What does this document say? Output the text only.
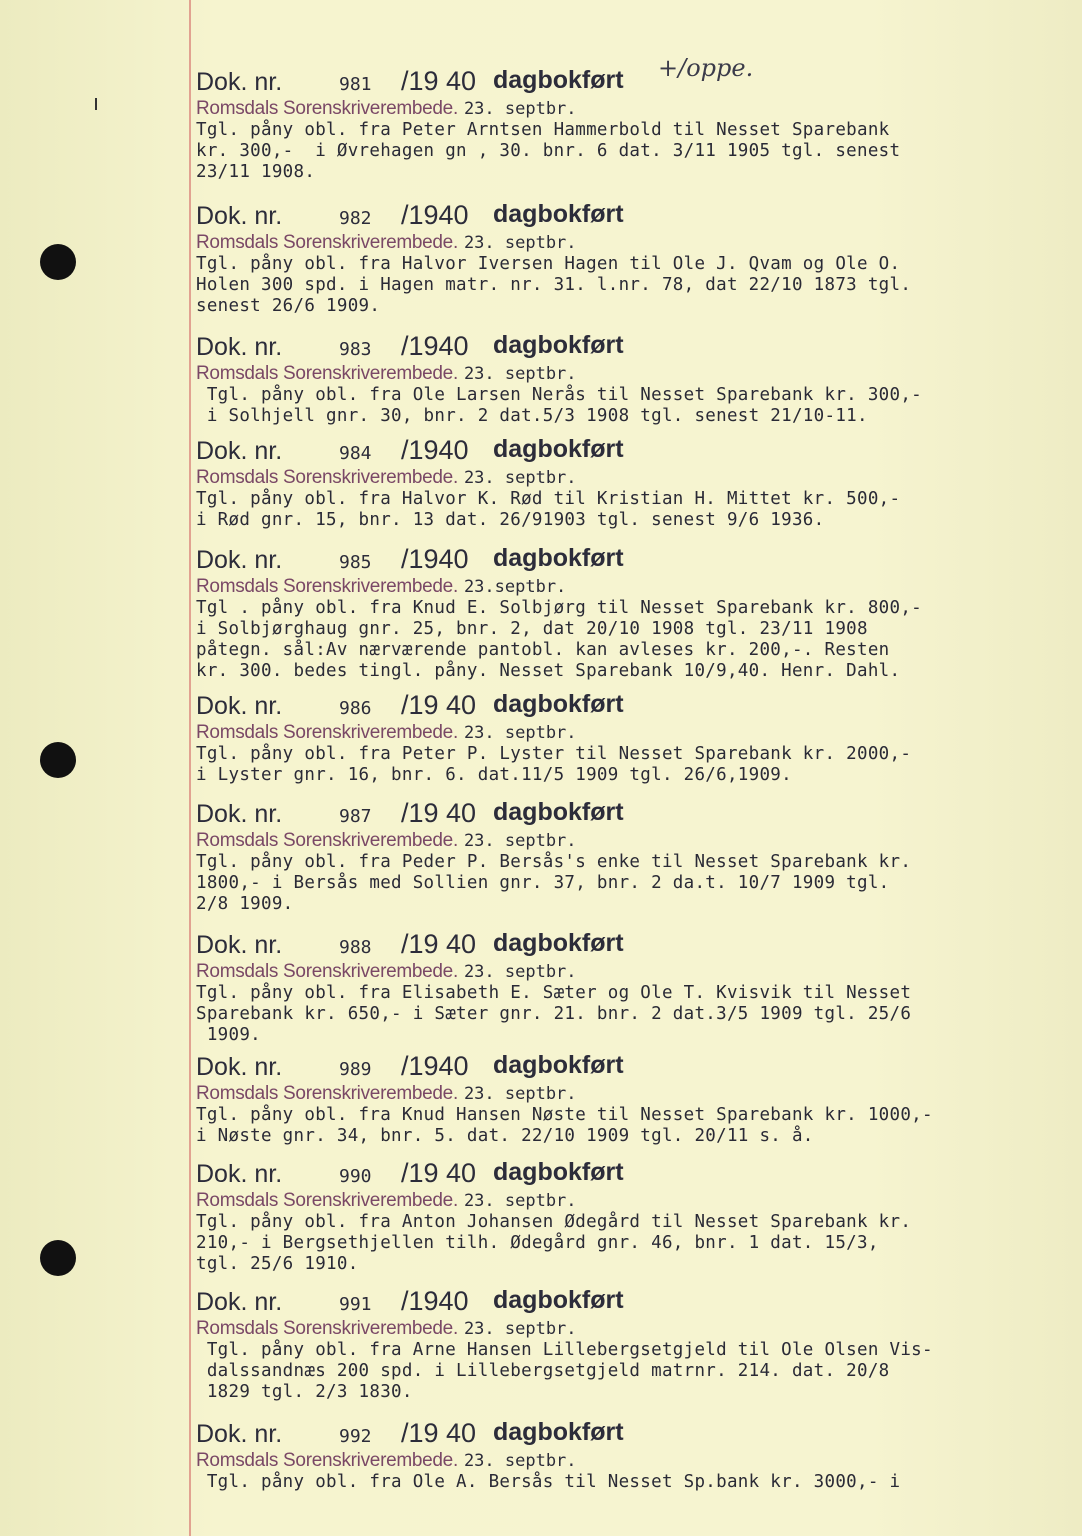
Dok. nr.	981 /19 40 dagbokført +/oppe.
Romsdals Sorenskriverembede. 23. septbr.
Tgl. påny obl. fra Peter Arntsen Hammerbold til Nesset Sparebank
kr. 300,-  i Øvrehagen gn , 30. bnr. 6 dat. 3/11 1905 tgl. senest
23/11 1908.
Dok. nr.	982 /1940 dagbokført
Romsdals Sorenskriverembede. 23. septbr.
Tgl. påny obl. fra Halvor Iversen Hagen til Ole J. Qvam og Ole O.
Holen 300 spd. i Hagen matr. nr. 31. l.nr. 78, dat 22/10 1873 tgl.
senest 26/6 1909.
Dok. nr.	983 /1940 dagbokført
Romsdals Sorenskriverembede. 23. septbr.
Tgl. påny obl. fra Ole Larsen Nerås til Nesset Sparebank kr. 300,-
i Solhjell gnr. 30, bnr. 2 dat.5/3 1908 tgl. senest 21/10-11.
Dok. nr.	984 /1940 dagbokført
Romsdals Sorenskriverembede. 23. septbr.
Tgl. påny obl. fra Halvor K. Rød til Kristian H. Mittet kr. 500,-
i Rød gnr. 15, bnr. 13 dat. 26/91903 tgl. senest 9/6 1936.
Dok. nr.	985 /1940 dagbokført
Romsdals Sorenskriverembede. 23.septbr.
Tgl . påny obl. fra Knud E. Solbjørg til Nesset Sparebank kr. 800,-
i Solbjørghaug gnr. 25, bnr. 2, dat 20/10 1908 tgl. 23/11 1908
påtegn. sål:Av nærværende pantobl. kan avleses kr. 200,-. Resten
kr. 300. bedes tingl. påny. Nesset Sparebank 10/9,40. Henr. Dahl.
Dok. nr.	986 /19 40 dagbokført
Romsdals Sorenskriverembede. 23. septbr.
Tgl. påny obl. fra Peter P. Lyster til Nesset Sparebank kr. 2000,-
i Lyster gnr. 16, bnr. 6. dat.11/5 1909 tgl. 26/6,1909.
Dok. nr.	987 /19 40 dagbokført
Romsdals Sorenskriverembede. 23. septbr.
Tgl. påny obl. fra Peder P. Bersås's enke til Nesset Sparebank kr.
1800,- i Bersås med Sollien gnr. 37, bnr. 2 da.t. 10/7 1909 tgl.
2/8 1909.
Dok. nr.	988 /19 40 dagbokført
Romsdals Sorenskriverembede. 23. septbr.
Tgl. påny obl. fra Elisabeth E. Sæter og Ole T. Kvisvik til Nesset
Sparebank kr. 650,- i Sæter gnr. 21. bnr. 2 dat.3/5 1909 tgl. 25/6
1909.
Dok. nr.	989 /1940 dagbokført
Romsdals Sorenskriverembede. 23. septbr.
Tgl. påny obl. fra Knud Hansen Nøste til Nesset Sparebank kr. 1000,-
i Nøste gnr. 34, bnr. 5. dat. 22/10 1909 tgl. 20/11 s. å.
Dok. nr.	990 /19 40 dagbokført
Romsdals Sorenskriverembede. 23. septbr.
Tgl. påny obl. fra Anton Johansen Ødegård til Nesset Sparebank kr.
210,- i Bergsethjellen tilh. Ødegård gnr. 46, bnr. 1 dat. 15/3,
tgl. 25/6 1910.
Dok. nr.	991 /1940 dagbokført
Romsdals Sorenskriverembede. 23. septbr.
Tgl. påny obl. fra Arne Hansen Lillebergsetgjeld til Ole Olsen Vis-
dalssandnæs 200 spd. i Lillebergsetgjeld matrnr. 214. dat. 20/8
1829 tgl. 2/3 1830.
Dok. nr.	992 /19 40 dagbokført
Romsdals Sorenskriverembede. 23. septbr.
Tgl. påny obl. fra Ole A. Bersås til Nesset Sp.bank kr. 3000,- i
